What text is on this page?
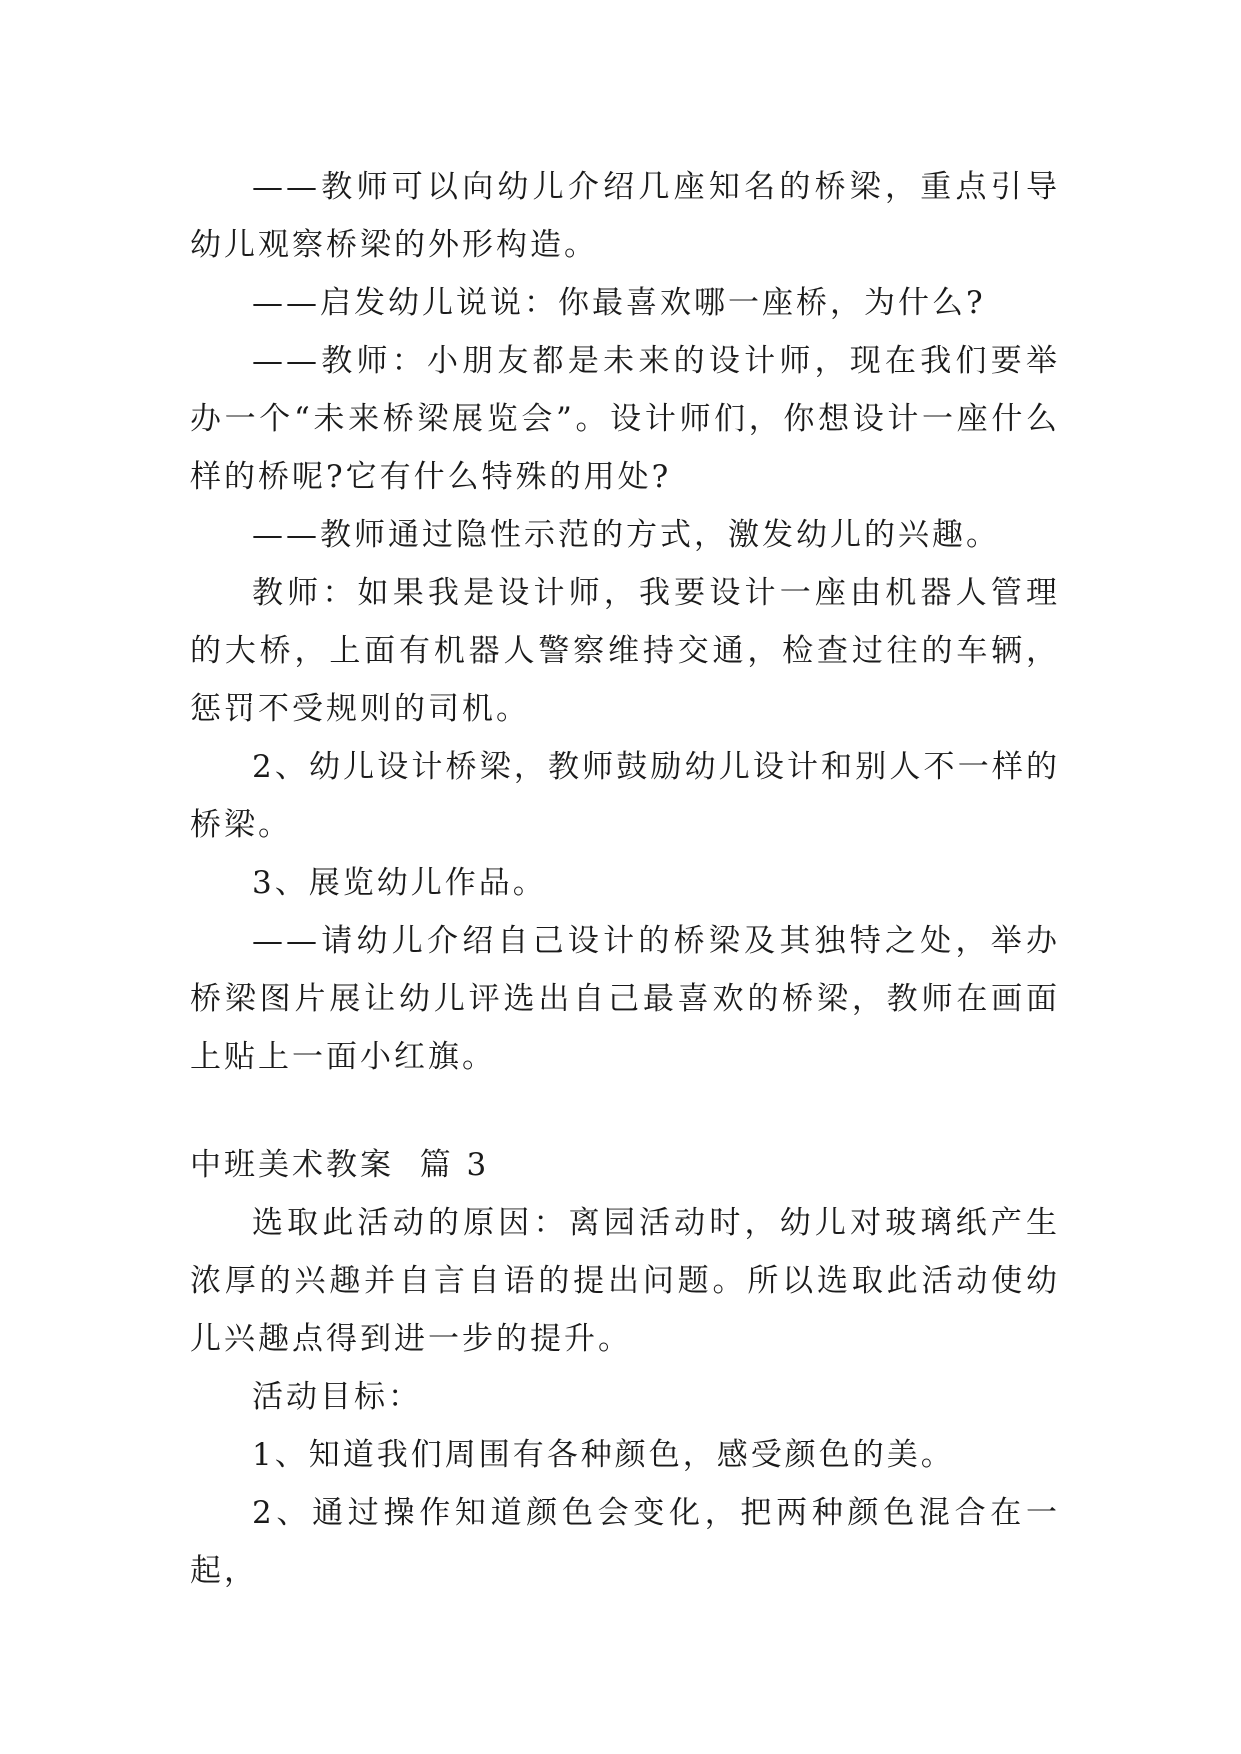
——教师可以向幼儿介绍几座知名的桥梁，重点引导幼儿观察桥梁的外形构造。

——启发幼儿说说：你最喜欢哪一座桥，为什么?

——教师：小朋友都是未来的设计师，现在我们要举办一个“未来桥梁展览会”。设计师们，你想设计一座什么样的桥呢?它有什么特殊的用处?

——教师通过隐性示范的方式，激发幼儿的兴趣。

教师：如果我是设计师，我要设计一座由机器人管理的大桥，上面有机器人警察维持交通，检查过往的车辆，惩罚不受规则的司机。

2、幼儿设计桥梁，教师鼓励幼儿设计和别人不一样的桥梁。

3、展览幼儿作品。

——请幼儿介绍自己设计的桥梁及其独特之处，举办桥梁图片展让幼儿评选出自己最喜欢的桥梁，教师在画面上贴上一面小红旗。

中班美术教案  篇 3

选取此活动的原因：离园活动时，幼儿对玻璃纸产生浓厚的兴趣并自言自语的提出问题。所以选取此活动使幼儿兴趣点得到进一步的提升。

活动目标：

1、知道我们周围有各种颜色，感受颜色的美。

2、通过操作知道颜色会变化，把两种颜色混合在一起，
